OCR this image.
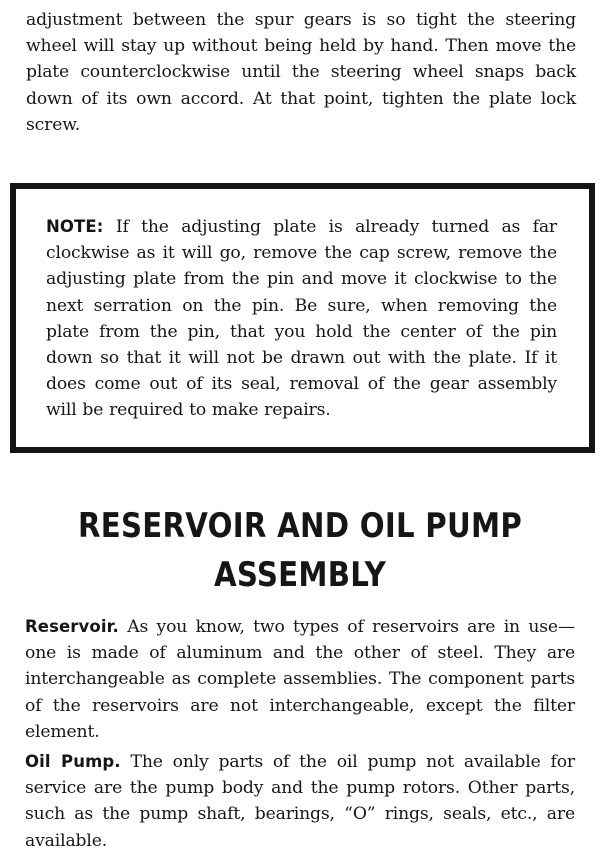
adjustment between the spur gears is so tight the steering wheel will stay up without being held by hand. Then move the plate counterclockwise until the steering wheel snaps back down of its own accord. At that point, tighten the plate lock screw.

NOTE: If the adjusting plate is already turned as far clockwise as it will go, remove the cap screw, remove the adjusting plate from the pin and move it clockwise to the next serration on the pin. Be sure, when removing the plate from the pin, that you hold the center of the pin down so that it will not be drawn out with the plate. If it does come out of its seal, removal of the gear assembly will be required to make repairs.

RESERVOIR AND OIL PUMP
ASSEMBLY

Reservoir. As you know, two types of reservoirs are in use—one is made of aluminum and the other of steel. They are interchangeable as complete assemblies. The component parts of the reservoirs are not interchangeable, except the filter element.

Oil Pump. The only parts of the oil pump not available for service are the pump body and the pump rotors. Other parts, such as the pump shaft, bearings, “O” rings, seals, etc., are available.
